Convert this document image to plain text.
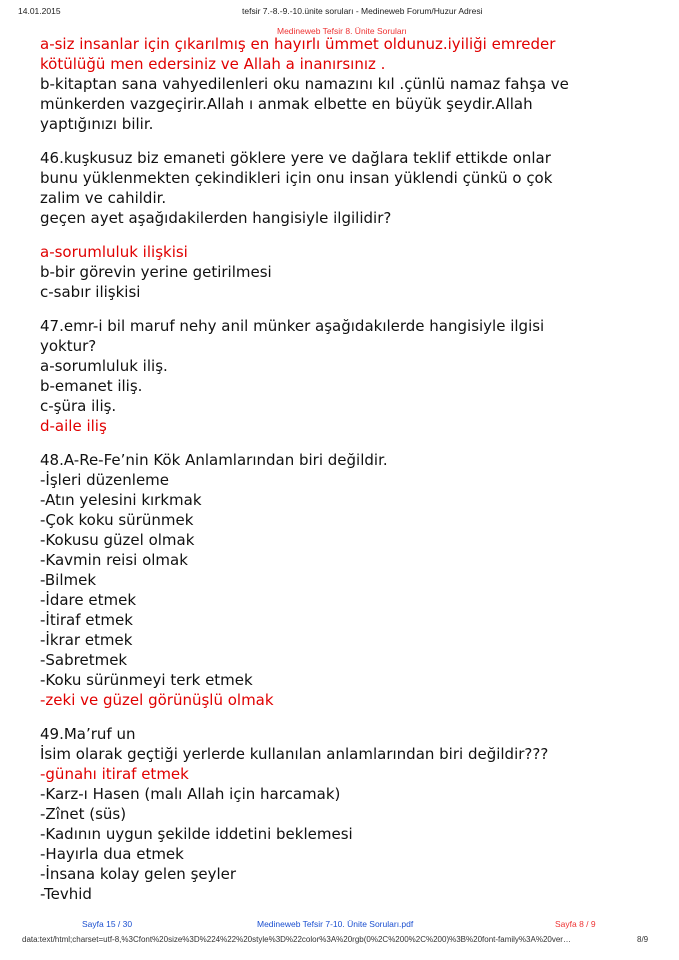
14.01.2015	tefsir 7.-8.-9.-10.ünite soruları - Medineweb Forum/Huzur Adresi
Medineweb Tefsir 8. Ünite Soruları
a-siz insanlar için çıkarılmış en hayırlı ümmet oldunuz.iyiliği emreder
kötülüğü men edersiniz ve Allah a inanırsınız .
b-kitaptan sana vahyedilenleri oku namazını kıl .çünlü namaz fahşa ve
münkerden vazgeçirir.Allah ı anmak elbette en büyük şeydir.Allah
yaptığınızı bilir.
46.kuşkusuz biz emaneti göklere yere ve dağlara teklif ettikde onlar
bunu yüklenmekten çekindikleri için onu insan yüklendi çünkü o çok
zalim ve cahildir.
geçen ayet aşağıdakilerden hangisiyle ilgilidir?
a-sorumluluk ilişkisi
b-bir görevin yerine getirilmesi
c-sabır ilişkisi
47.emr-i bil maruf nehy anil münker aşağıdakılerde hangisiyle ilgisi
yoktur?
a-sorumluluk iliş.
b-emanet iliş.
c-şüra iliş.
d-aile iliş
48.A-Re-Fe’nin Kök Anlamlarından biri değildir.
-İşleri düzenleme
-Atın yelesini kırkmak
-Çok koku sürünmek
-Kokusu güzel olmak
-Kavmin reisi olmak
-Bilmek
-İdare etmek
-İtiraf etmek
-İkrar etmek
-Sabretmek
-Koku sürünmeyi terk etmek
-zeki ve güzel görünüşlü olmak
49.Ma’ruf un
İsim olarak geçtiği yerlerde kullanılan anlamlarından biri değildir???
-günahı itiraf etmek
-Karz-ı Hasen (malı Allah için harcamak)
-Zînet (süs)
-Kadının uygun şekilde iddetini beklemesi
-Hayırla dua etmek
-İnsana kolay gelen şeyler
-Tevhid
Sayfa 15 / 30	Medineweb Tefsir 7-10. Ünite Soruları.pdf	Sayfa 8 / 9
data:text/html;charset=utf-8,%3Cfont%20size%3D%224%22%20style%3D%22color%3A%20rgb(0%2C%200%2C%200)%3B%20font-family%3A%20ver…	8/9
